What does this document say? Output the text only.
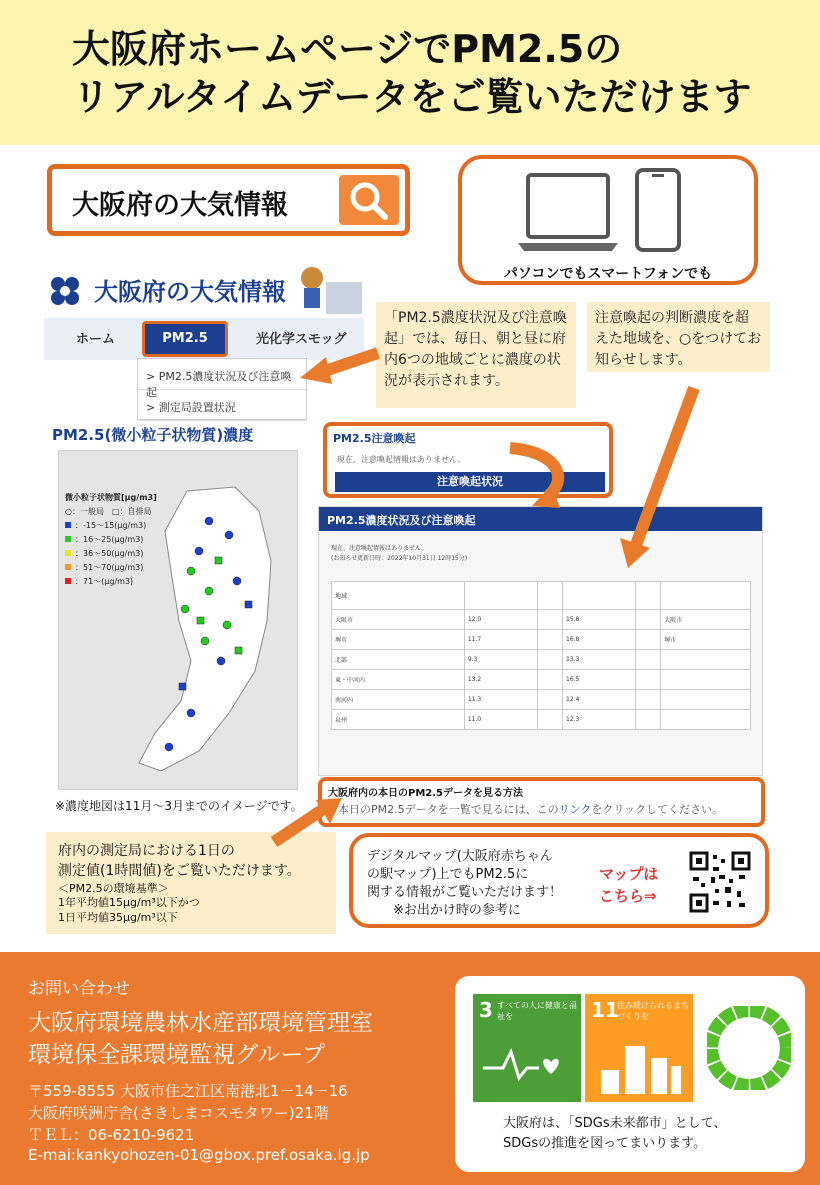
大阪府ホームページでPM2.5の
リアルタイムデータをご覧いただけます
大阪府の大気情報
パソコンでもスマートフォンでも
大阪府の大気情報
ホーム	PM2.5	光化学スモッグ
> PM2.5濃度状況及び注意喚起
> 測定局設置状況
「PM2.5濃度状況及び注意喚起」では、毎日、朝と昼に府内6つの地域ごとに濃度の状況が表示されます。
注意喚起の判断濃度を超えた地域を、○をつけてお知らせします。
PM2.5(微小粒子状物質)濃度
微小粒子状物質[μg/m3]
○：一般局　□：自排局
：-15～15(μg/m3)
：16～25(μg/m3)
：36～50(μg/m3)
：51～70(μg/m3)
：71～(μg/m3)
※濃度地図は11月～3月までのイメージです。
PM2.5注意喚起
現在、注意喚起情報はありません。
注意喚起状況
PM2.5濃度状況及び注意喚起
現在、注意喚起情報はありません。
(お知らせ更新日時：2022年10月31日 12時15分)
地域					
大阪市	12.0		15.8		大阪市
堺市	11.7		16.8		堺市
北部	9.3		13.3		
東・中河内	13.2		16.5		
南河内	11.3		12.4		
泉州	11.0		12.3		
大阪府内の本日のPM2.5データを見る方法
本日のPM2.5データを一覧で見るには、このリンクをクリックしてください。
府内の測定局における1日の
測定値(1時間値)をご覧いただけます。
＜PM2.5の環境基準＞
1年平均値15μg/m³以下かつ
1日平均値35μg/m³以下
デジタルマップ(大阪府赤ちゃん
の駅マップ)上でもPM2.5に
関する情報がご覧いただけます！
※お出かけ時の参考に
マップは
こちら⇒
お問い合わせ
大阪府環境農林水産部環境管理室
環境保全課環境監視グループ
〒559-8555 大阪市住之江区南港北1－14－16
大阪府咲洲庁舎(さきしまコスモタワー)21階
ＴＥＬ：06-6210-9621
E-mai:kankyohozen-01@gbox.pref.osaka.lg.jp
3 すべての人に健康と福祉を	11
住み続けられるまちづくりを
大阪府は、「SDGs未来都市」として、
SDGsの推進を図ってまいります。
